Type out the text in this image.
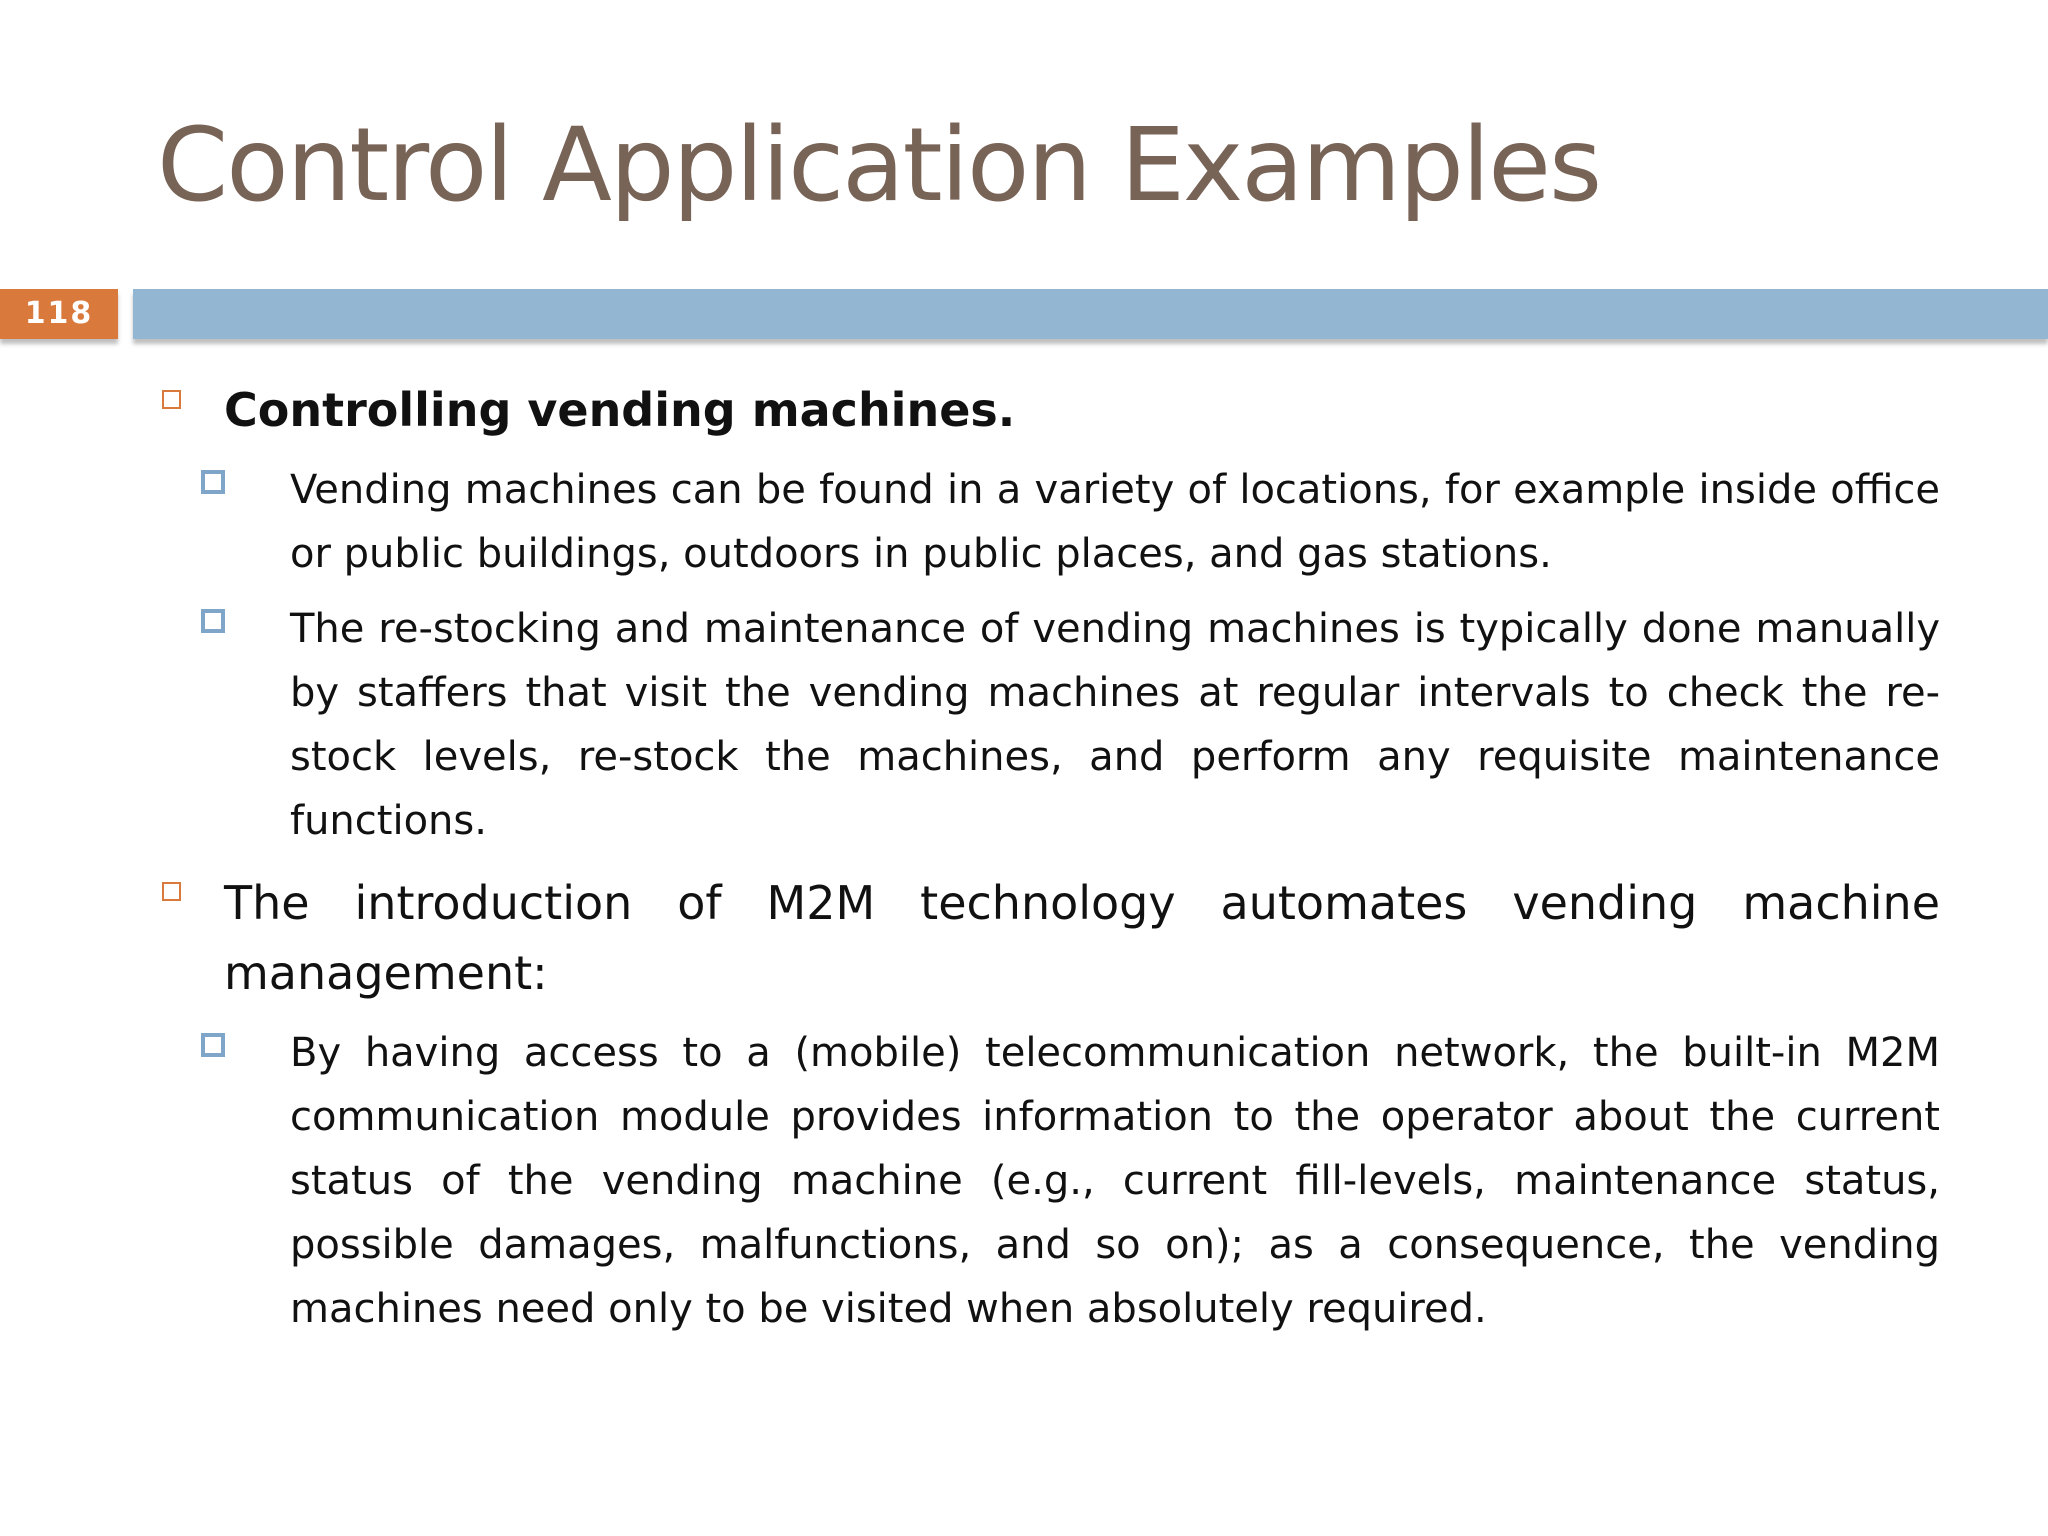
Control Application Examples
118
Controlling vending machines.
Vending machines can be found in a variety of locations, for example inside office or public buildings, outdoors in public places, and gas stations.
The re-stocking and maintenance of vending machines is typically done manually by staffers that visit the vending machines at regular intervals to check the re-stock levels, re-stock the machines, and perform any requisite maintenance functions.
The introduction of M2M technology automates vending machine management:
By having access to a (mobile) telecommunication network, the built-in M2M communication module provides information to the operator about the current status of the vending machine (e.g., current fill-levels, maintenance status, possible damages, malfunctions, and so on); as a consequence, the vending machines need only to be visited when absolutely required.
